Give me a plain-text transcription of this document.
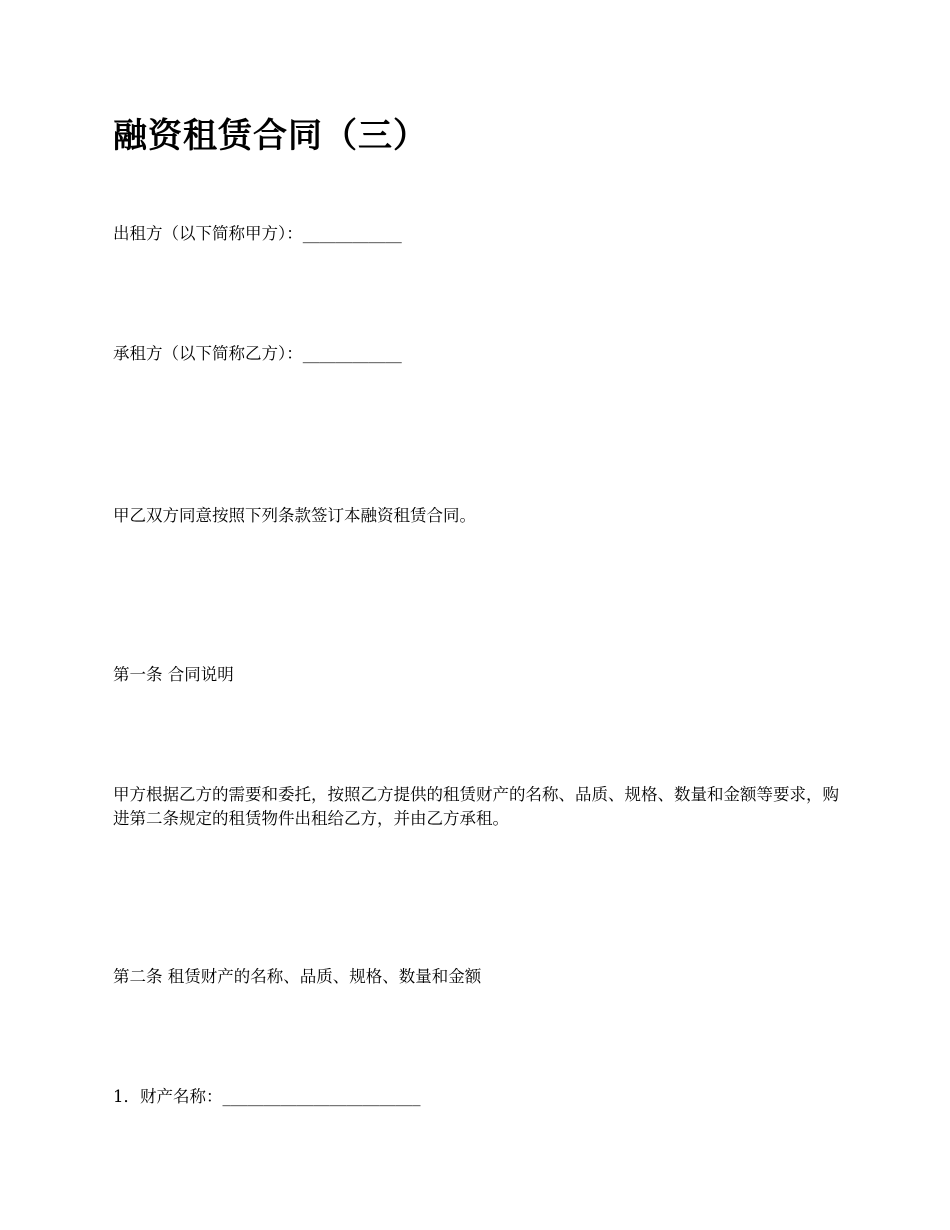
融资租赁合同（三）

出租方（以下简称甲方）：____________

承租方（以下简称乙方）：____________

甲乙双方同意按照下列条款签订本融资租赁合同。

第一条 合同说明

甲方根据乙方的需要和委托，按照乙方提供的租赁财产的名称、品质、规格、数量和金额等要求，购进第二条规定的租赁物件出租给乙方，并由乙方承租。

第二条 租赁财产的名称、品质、规格、数量和金额

1．财产名称：________________________
